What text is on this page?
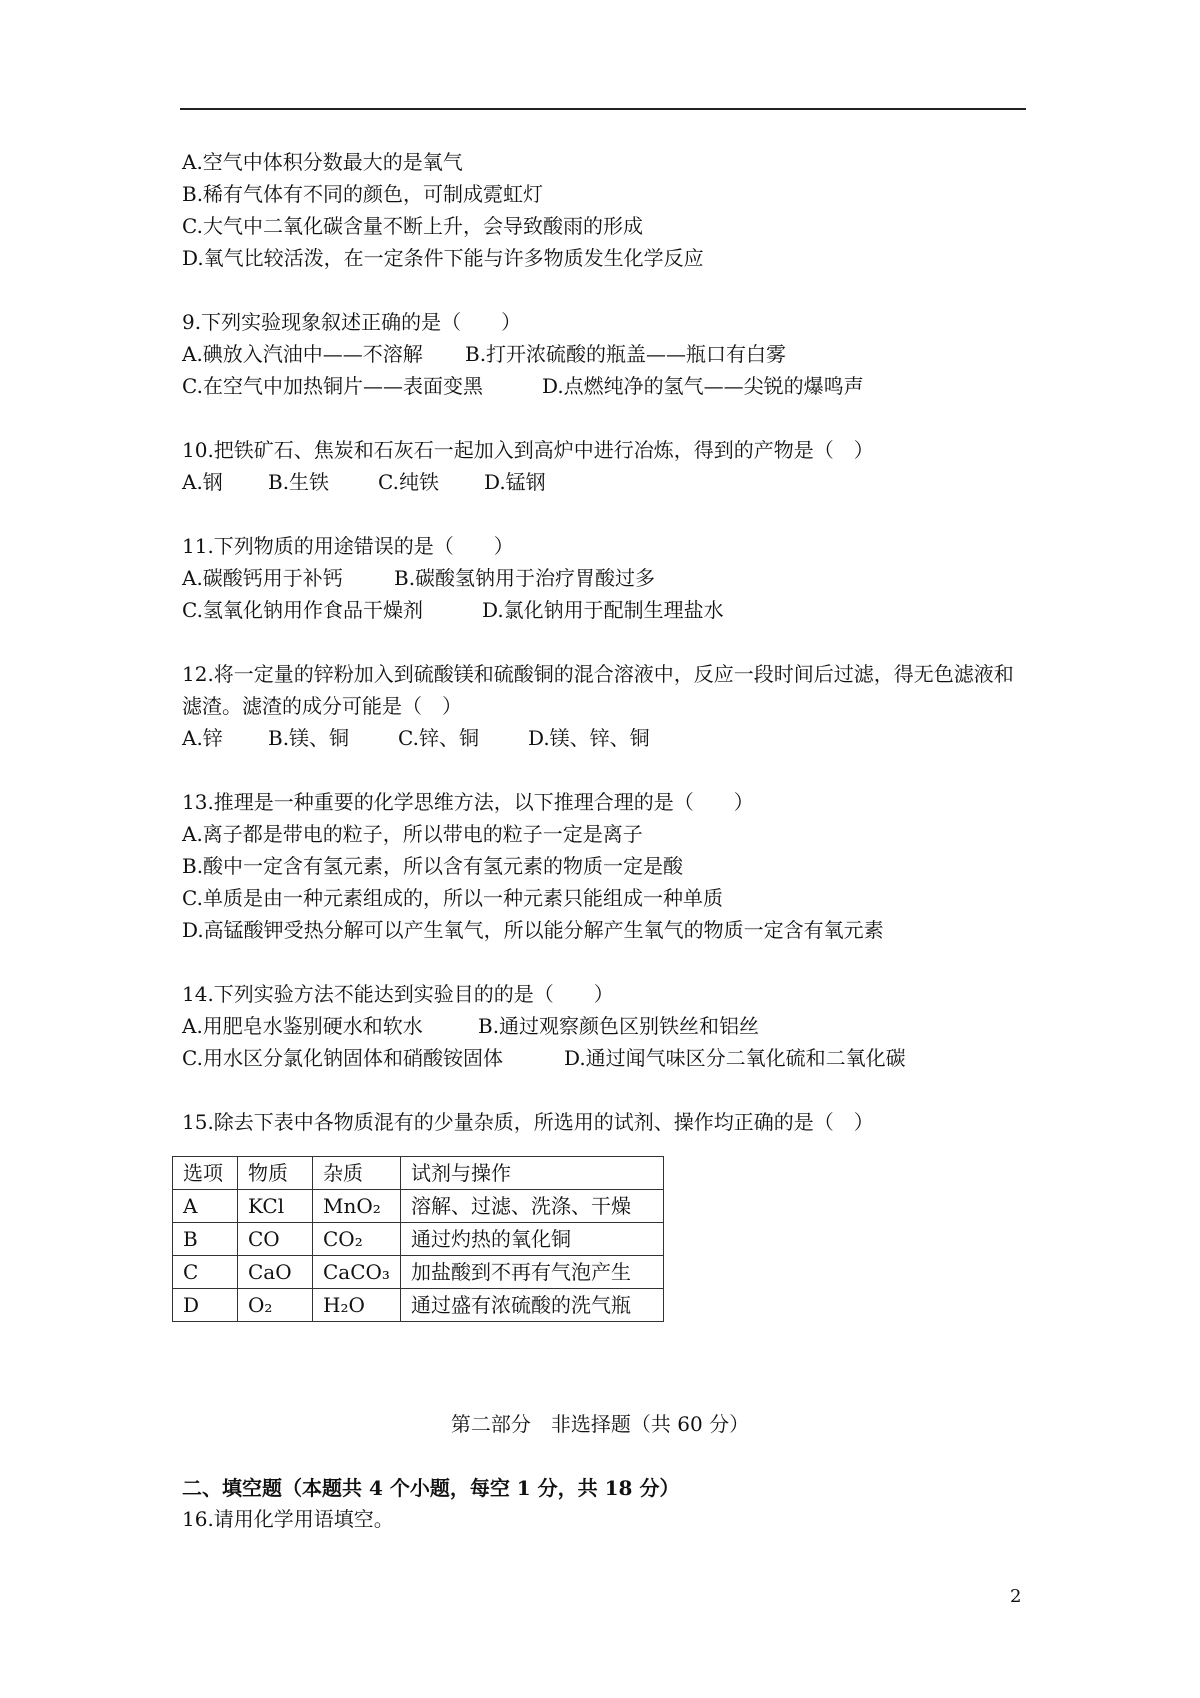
A.空气中体积分数最大的是氧气
B.稀有气体有不同的颜色，可制成霓虹灯
C.大气中二氧化碳含量不断上升，会导致酸雨的形成
D.氧气比较活泼，在一定条件下能与许多物质发生化学反应
9.下列实验现象叙述正确的是（　　）
A.碘放入汽油中——不溶解 B.打开浓硫酸的瓶盖——瓶口有白雾
C.在空气中加热铜片——表面变黑	D.点燃纯净的氢气——尖锐的爆鸣声
10.把铁矿石、焦炭和石灰石一起加入到高炉中进行冶炼，得到的产物是（　）
A.钢 B.生铁 C.纯铁 D.锰钢
11.下列物质的用途错误的是（　　）
A.碳酸钙用于补钙	B.碳酸氢钠用于治疗胃酸过多
C.氢氧化钠用作食品干燥剂	D.氯化钠用于配制生理盐水
12.将一定量的锌粉加入到硫酸镁和硫酸铜的混合溶液中，反应一段时间后过滤，得无色滤液和滤渣。滤渣的成分可能是（　）
A.锌 B.镁、铜 C.锌、铜 D.镁、锌、铜
13.推理是一种重要的化学思维方法，以下推理合理的是（　　）
A.离子都是带电的粒子，所以带电的粒子一定是离子
B.酸中一定含有氢元素，所以含有氢元素的物质一定是酸
C.单质是由一种元素组成的，所以一种元素只能组成一种单质
D.高锰酸钾受热分解可以产生氧气，所以能分解产生氧气的物质一定含有氧元素
14.下列实验方法不能达到实验目的的是（　　）
A.用肥皂水鉴别硬水和软水	B.通过观察颜色区别铁丝和铝丝
C.用水区分氯化钠固体和硝酸铵固体	D.通过闻气味区分二氧化硫和二氧化碳
15.除去下表中各物质混有的少量杂质，所选用的试剂、操作均正确的是（　）
选项	物质	杂质	试剂与操作
A	KCl	MnO₂	溶解、过滤、洗涤、干燥
B	CO	CO₂	通过灼热的氧化铜
C	CaO	CaCO₃	加盐酸到不再有气泡产生
D	O₂	H₂O	通过盛有浓硫酸的洗气瓶
第二部分　非选择题（共 60 分）
二、填空题（本题共 4 个小题，每空 1 分，共 18 分）
16.请用化学用语填空。
2
